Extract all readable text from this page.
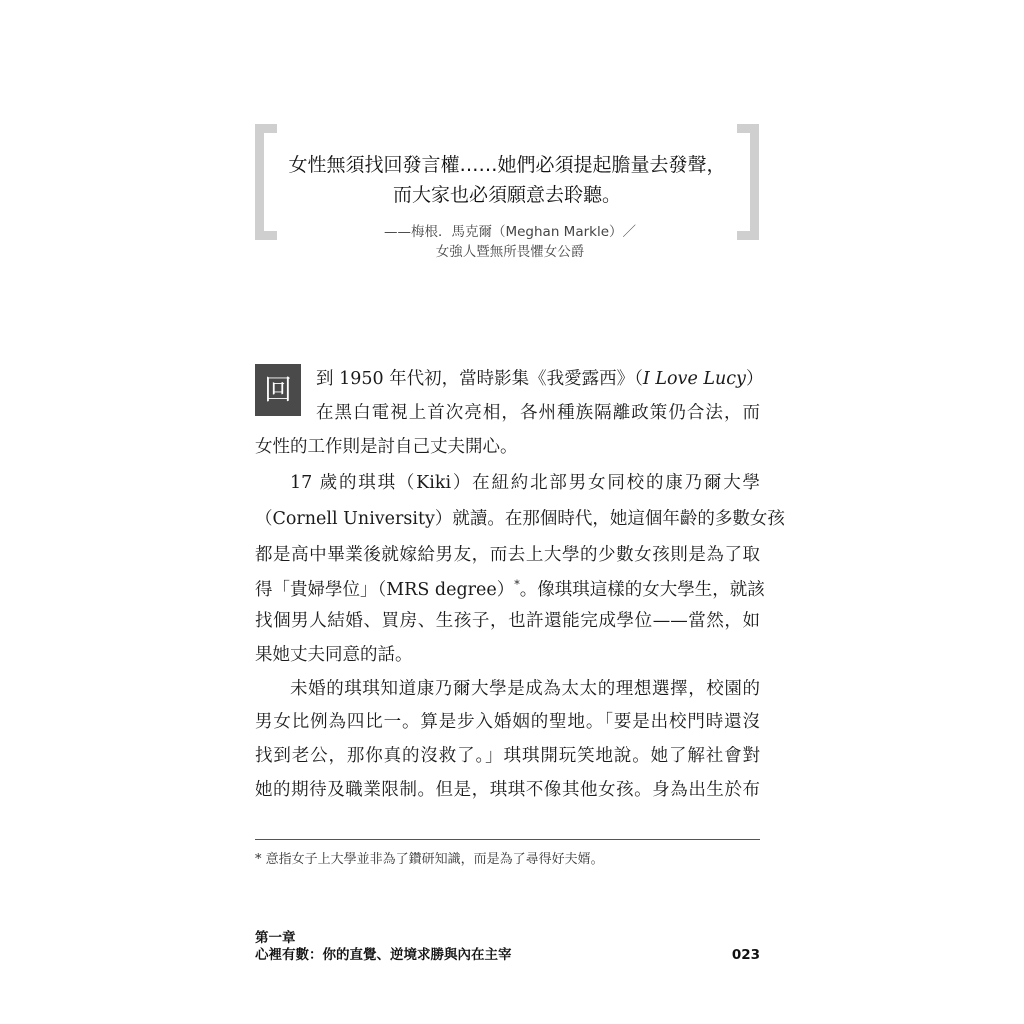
女性無須找回發言權……她們必須提起膽量去發聲，

而大家也必須願意去聆聽。

——梅根．馬克爾（Meghan Markle）／

女強人暨無所畏懼女公爵

回	到 1950 年代初，當時影集《我愛露西》（I Love Lucy）
在黑白電視上首次亮相，各州種族隔離政策仍合法，而
女性的工作則是討自己丈夫開心。
17 歲的琪琪（Kiki）在紐約北部男女同校的康乃爾大學
（Cornell University）就讀。在那個時代，她這個年齡的多數女孩
都是高中畢業後就嫁給男友，而去上大學的少數女孩則是為了取
得「貴婦學位」（MRS degree）*。像琪琪這樣的女大學生，就該
找個男人結婚、買房、生孩子，也許還能完成學位——當然，如
果她丈夫同意的話。
未婚的琪琪知道康乃爾大學是成為太太的理想選擇，校園的
男女比例為四比一。算是步入婚姻的聖地。「要是出校門時還沒
找到老公，那你真的沒救了。」琪琪開玩笑地說。她了解社會對
她的期待及職業限制。但是，琪琪不像其他女孩。身為出生於布
* 意指女子上大學並非為了鑽研知識，而是為了尋得好夫婿。
第一章
心裡有數：你的直覺、逆境求勝與內在主宰	023
